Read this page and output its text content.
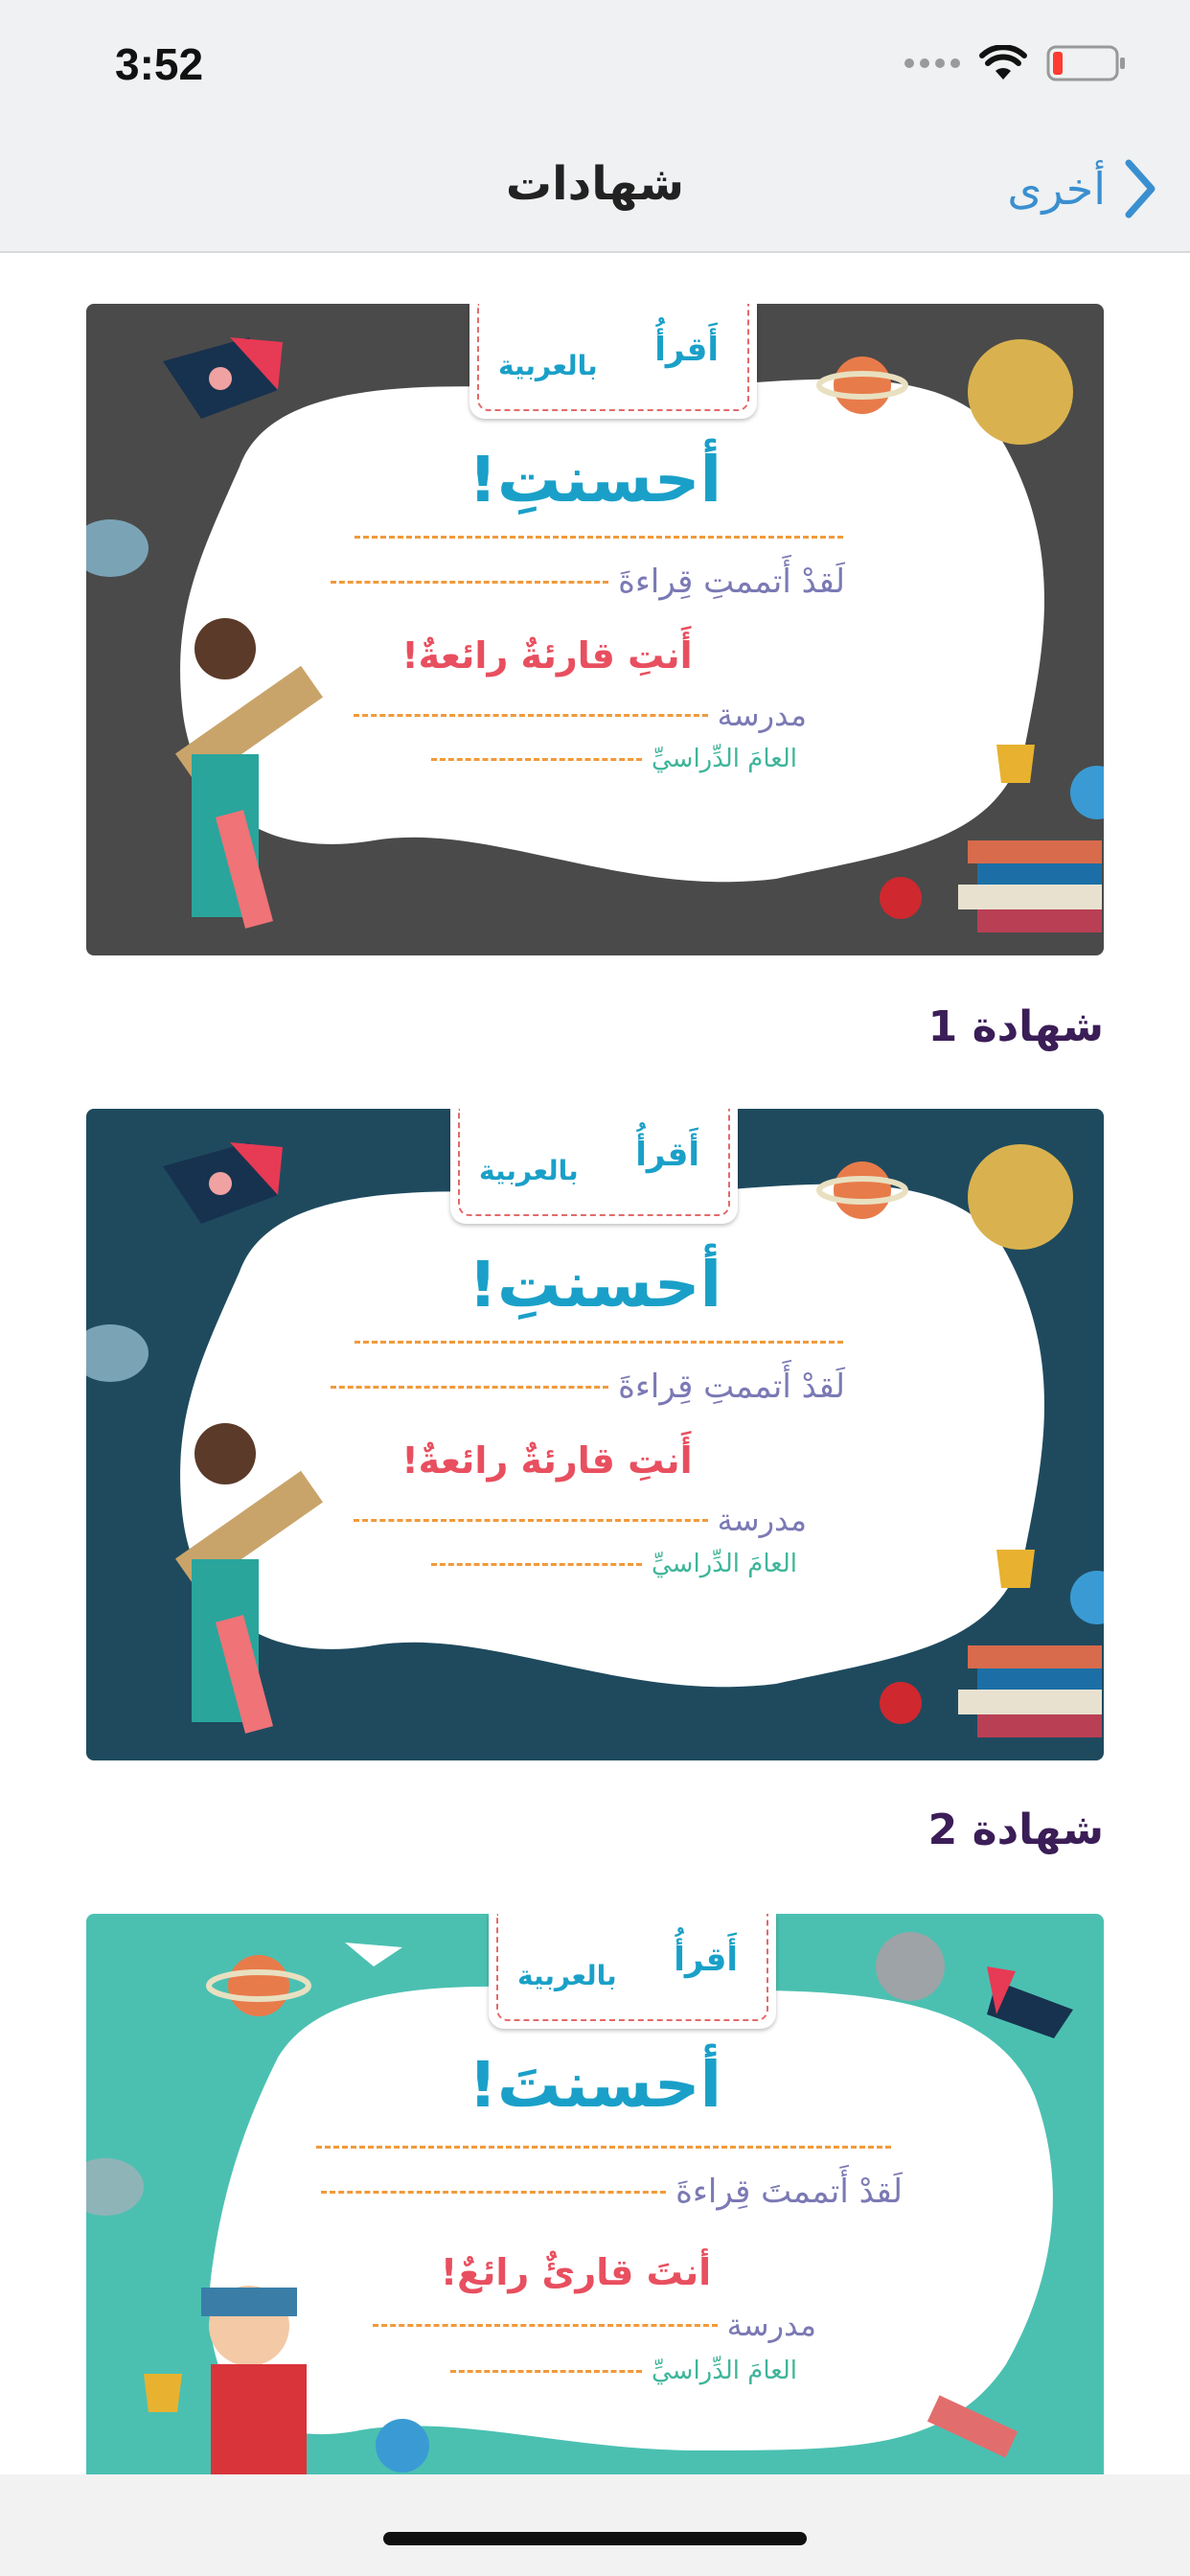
3:52
شهادات	أخرى
أَقرأُ
بالعربية
أحسنتِ!
لَقدْ أَتممتِ قِراءةَ
أَنتِ قارئةٌ رائعةٌ!
مدرسة
العامَ الدِّراسيِّ
شهادة 1
أَقرأُ
بالعربية
أحسنتِ!
لَقدْ أَتممتِ قِراءةَ
أَنتِ قارئةٌ رائعةٌ!
مدرسة
العامَ الدِّراسيِّ
شهادة 2
أَقرأُ
بالعربية
أحسنتَ!
لَقدْ أَتممتَ قِراءةَ
أنتَ قارئٌ رائعٌ!
مدرسة
العامَ الدِّراسيِّ
